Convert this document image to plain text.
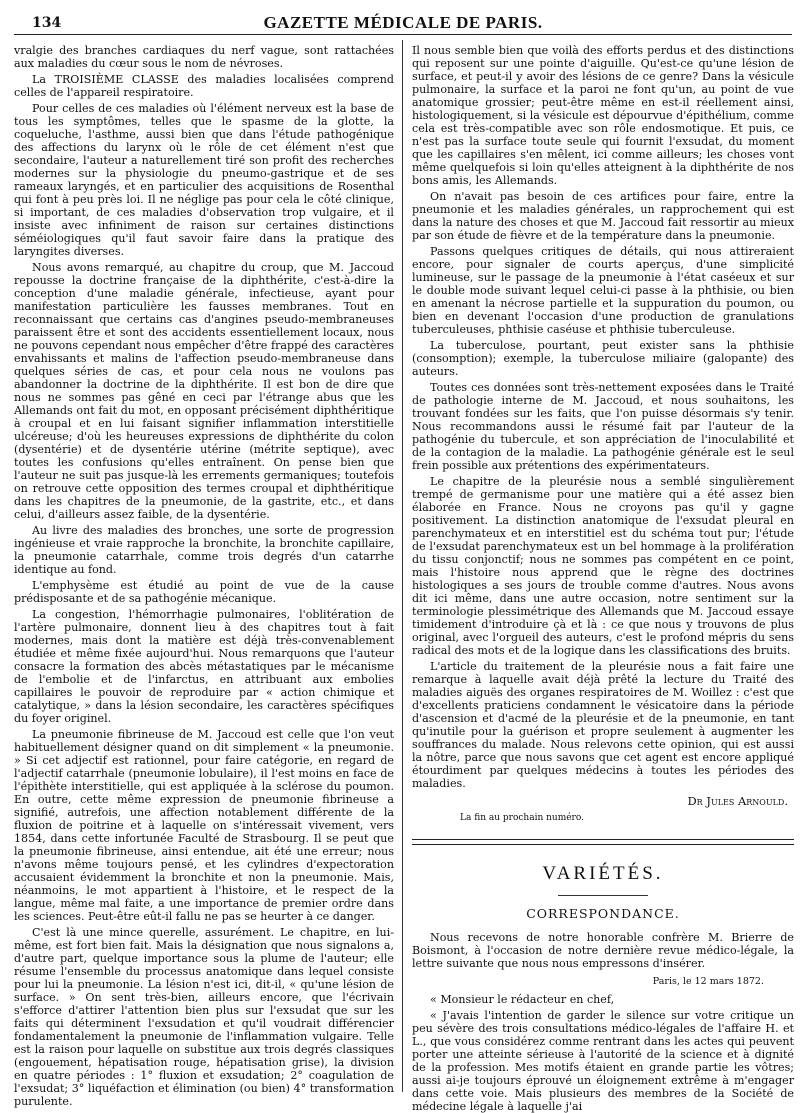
134	GAZETTE MÉDICALE DE PARIS.

vralgie des branches cardiaques du nerf vague, sont rattachées aux maladies du cœur sous le nom de névroses.

La TROISIÈME CLASSE des maladies localisées comprend celles de l'appareil respiratoire.

Pour celles de ces maladies où l'élément nerveux est la base de tous les symptômes, telles que le spasme de la glotte, la coqueluche, l'asthme, aussi bien que dans l'étude pathogénique des affections du larynx où le rôle de cet élément n'est que secondaire, l'auteur a naturellement tiré son profit des recherches modernes sur la physiologie du pneumo-gastrique et de ses rameaux laryngés, et en particulier des acquisitions de Rosenthal qui font à peu près loi. Il ne néglige pas pour cela le côté clinique, si important, de ces maladies d'observation trop vulgaire, et il insiste avec infiniment de raison sur certaines distinctions séméiologiques qu'il faut savoir faire dans la pratique des laryngites diverses.

Nous avons remarqué, au chapitre du croup, que M. Jaccoud repousse la doctrine française de la diphthérite, c'est-à-dire la conception d'une maladie générale, infectieuse, ayant pour manifestation particulière les fausses membranes. Tout en reconnaissant que certains cas d'angines pseudo-membraneuses paraissent être et sont des accidents essentiellement locaux, nous ne pouvons cependant nous empêcher d'être frappé des caractères envahissants et malins de l'affection pseudo-membraneuse dans quelques séries de cas, et pour cela nous ne voulons pas abandonner la doctrine de la diphthérite. Il est bon de dire que nous ne sommes pas gêné en ceci par l'étrange abus que les Allemands ont fait du mot, en opposant précisément diphthéritique à croupal et en lui faisant signifier inflammation interstitielle ulcéreuse; d'où les heureuses expressions de diphthérite du colon (dysentérie) et de dysentérie utérine (métrite septique), avec toutes les confusions qu'elles entraînent. On pense bien que l'auteur ne suit pas jusque-là les errements germaniques; toutefois on retrouve cette opposition des termes croupal et diphthéritique dans les chapitres de la pneumonie, de la gastrite, etc., et dans celui, d'ailleurs assez faible, de la dysentérie.

Au livre des maladies des bronches, une sorte de progression ingénieuse et vraie rapproche la bronchite, la bronchite capillaire, la pneumonie catarrhale, comme trois degrés d'un catarrhe identique au fond.

L'emphysème est étudié au point de vue de la cause prédisposante et de sa pathogénie mécanique.

La congestion, l'hémorrhagie pulmonaires, l'oblitération de l'artère pulmonaire, donnent lieu à des chapitres tout à fait modernes, mais dont la matière est déjà très-convenablement étudiée et même fixée aujourd'hui. Nous remarquons que l'auteur consacre la formation des abcès métastatiques par le mécanisme de l'embolie et de l'infarctus, en attribuant aux embolies capillaires le pouvoir de reproduire par « action chimique et catalytique, » dans la lésion secondaire, les caractères spécifiques du foyer originel.

La pneumonie fibrineuse de M. Jaccoud est celle que l'on veut habituellement désigner quand on dit simplement « la pneumonie. » Si cet adjectif est rationnel, pour faire catégorie, en regard de l'adjectif catarrhale (pneumonie lobulaire), il l'est moins en face de l'épithète interstitielle, qui est appliquée à la sclérose du poumon. En outre, cette même expression de pneumonie fibrineuse a signifié, autrefois, une affection notablement différente de la fluxion de poitrine et à laquelle on s'intéressait vivement, vers 1854, dans cette infortunée Faculté de Strasbourg. Il se peut que la pneumonie fibrineuse, ainsi entendue, ait été une erreur; nous n'avons même toujours pensé, et les cylindres d'expectoration accusaient évidemment la bronchite et non la pneumonie. Mais, néanmoins, le mot appartient à l'histoire, et le respect de la langue, même mal faite, a une importance de premier ordre dans les sciences. Peut-être eût-il fallu ne pas se heurter à ce danger.

C'est là une mince querelle, assurément. Le chapitre, en lui-même, est fort bien fait. Mais la désignation que nous signalons a, d'autre part, quelque importance sous la plume de l'auteur; elle résume l'ensemble du processus anatomique dans lequel consiste pour lui la pneumonie. La lésion n'est ici, dit-il, « qu'une lésion de surface. » On sent très-bien, ailleurs encore, que l'écrivain s'efforce d'attirer l'attention bien plus sur l'exsudat que sur les faits qui déterminent l'exsudation et qu'il voudrait différencier fondamentalement la pneumonie de l'inflammation vulgaire. Telle est la raison pour laquelle on substitue aux trois degrés classiques (engouement, hépatisation rouge, hépatisation grise), la division en quatre périodes : 1° fluxion et exsudation; 2° coagulation de l'exsudat; 3° liquéfaction et élimination (ou bien) 4° transformation purulente.

Il nous semble bien que voilà des efforts perdus et des distinctions qui reposent sur une pointe d'aiguille. Qu'est-ce qu'une lésion de surface, et peut-il y avoir des lésions de ce genre? Dans la vésicule pulmonaire, la surface et la paroi ne font qu'un, au point de vue anatomique grossier; peut-être même en est-il réellement ainsi, histologiquement, si la vésicule est dépourvue d'épithélium, comme cela est très-compatible avec son rôle endosmotique. Et puis, ce n'est pas la surface toute seule qui fournit l'exsudat, du moment que les capillaires s'en mêlent, ici comme ailleurs; les choses vont même quelquefois si loin qu'elles atteignent à la diphthérite de nos bons amis, les Allemands.

On n'avait pas besoin de ces artifices pour faire, entre la pneumonie et les maladies générales, un rapprochement qui est dans la nature des choses et que M. Jaccoud fait ressortir au mieux par son étude de fièvre et de la température dans la pneumonie.

Passons quelques critiques de détails, qui nous attireraient encore, pour signaler de courts aperçus, d'une simplicité lumineuse, sur le passage de la pneumonie à l'état caséeux et sur le double mode suivant lequel celui-ci passe à la phthisie, ou bien en amenant la nécrose partielle et la suppuration du poumon, ou bien en devenant l'occasion d'une production de granulations tuberculeuses, phthisie caséuse et phthisie tuberculeuse.

La tuberculose, pourtant, peut exister sans la phthisie (consomption); exemple, la tuberculose miliaire (galopante) des auteurs.

Toutes ces données sont très-nettement exposées dans le Traité de pathologie interne de M. Jaccoud, et nous souhaitons, les trouvant fondées sur les faits, que l'on puisse désormais s'y tenir. Nous recommandons aussi le résumé fait par l'auteur de la pathogénie du tubercule, et son appréciation de l'inoculabilité et de la contagion de la maladie. La pathogénie générale est le seul frein possible aux prétentions des expérimentateurs.

Le chapitre de la pleurésie nous a semblé singulièrement trempé de germanisme pour une matière qui a été assez bien élaborée en France. Nous ne croyons pas qu'il y gagne positivement. La distinction anatomique de l'exsudat pleural en parenchymateux et en interstitiel est du schéma tout pur; l'étude de l'exsudat parenchymateux est un bel hommage à la prolifération du tissu conjonctif; nous ne sommes pas compétent en ce point, mais l'histoire nous apprend que le règne des doctrines histologiques a ses jours de trouble comme d'autres. Nous avons dit ici même, dans une autre occasion, notre sentiment sur la terminologie plessimétrique des Allemands que M. Jaccoud essaye timidement d'introduire çà et là : ce que nous y trouvons de plus original, avec l'orgueil des auteurs, c'est le profond mépris du sens radical des mots et de la logique dans les classifications des bruits.

L'article du traitement de la pleurésie nous a fait faire une remarque à laquelle avait déjà prêté la lecture du Traité des maladies aiguës des organes respiratoires de M. Woillez : c'est que d'excellents praticiens condamnent le vésicatoire dans la période d'ascension et d'acmé de la pleurésie et de la pneumonie, en tant qu'inutile pour la guérison et propre seulement à augmenter les souffrances du malade. Nous relevons cette opinion, qui est aussi la nôtre, parce que nous savons que cet agent est encore appliqué étourdiment par quelques médecins à toutes les périodes des maladies.

Dr Jules Arnould.

La fin au prochain numéro.

VARIÉTÉS.
CORRESPONDANCE.

Nous recevons de notre honorable confrère M. Brierre de Boismont, à l'occasion de notre dernière revue médico-légale, la lettre suivante que nous nous empressons d'insérer.

Paris, le 12 mars 1872.

« Monsieur le rédacteur en chef,

« J'avais l'intention de garder le silence sur votre critique un peu sévère des trois consultations médico-légales de l'affaire H. et L., que vous considérez comme rentrant dans les actes qui peuvent porter une atteinte sérieuse à l'autorité de la science et à dignité de la profession. Mes motifs étaient en grande partie les vôtres; aussi ai-je toujours éprouvé un éloignement extrême à m'engager dans cette voie. Mais plusieurs des membres de la Société de médecine légale à laquelle j'ai
